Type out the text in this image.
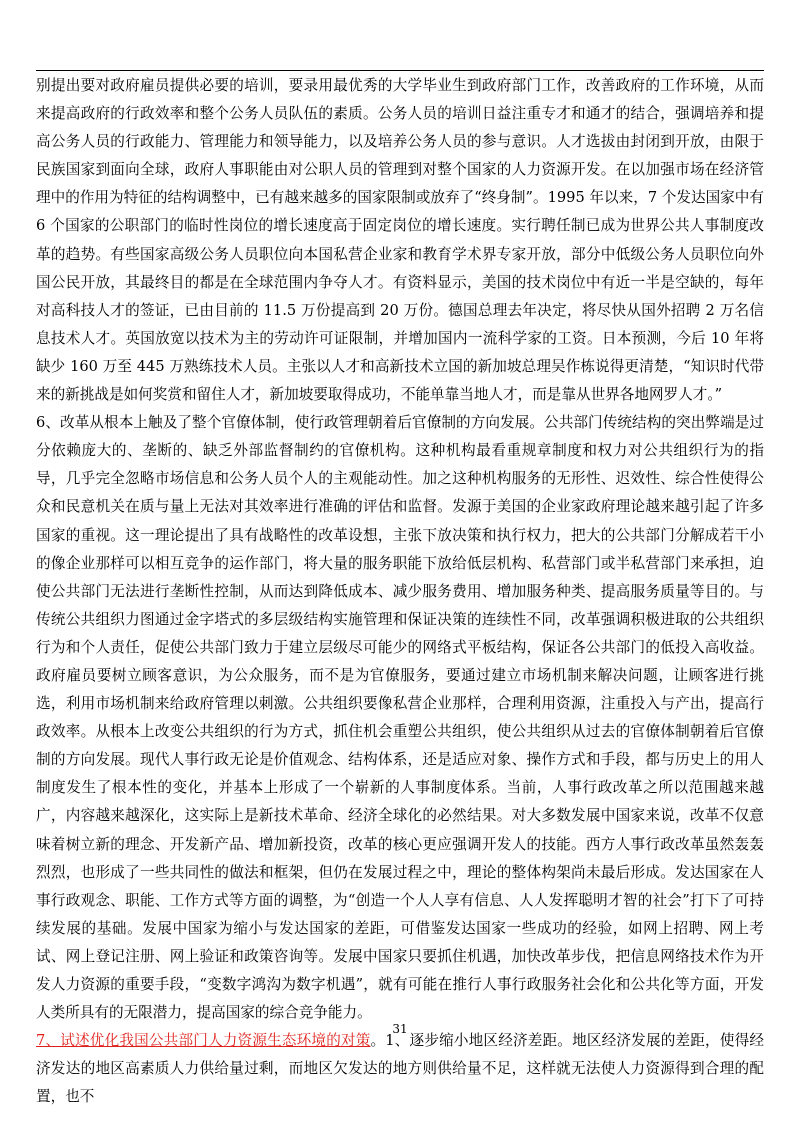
别提出要对政府雇员提供必要的培训，要录用最优秀的大学毕业生到政府部门工作，改善政府的工作环境，从而来提高政府的行政效率和整个公务人员队伍的素质。公务人员的培训日益注重专才和通才的结合，强调培养和提高公务人员的行政能力、管理能力和领导能力，以及培养公务人员的参与意识。人才选拔由封闭到开放，由限于民族国家到面向全球，政府人事职能由对公职人员的管理到对整个国家的人力资源开发。在以加强市场在经济管理中的作用为特征的结构调整中，已有越来越多的国家限制或放弃了“终身制”。1995 年以来，7 个发达国家中有 6 个国家的公职部门的临时性岗位的增长速度高于固定岗位的增长速度。实行聘任制已成为世界公共人事制度改革的趋势。有些国家高级公务人员职位向本国私营企业家和教育学术界专家开放，部分中低级公务人员职位向外国公民开放，其最终目的都是在全球范围内争夺人才。有资料显示，美国的技术岗位中有近一半是空缺的，每年对高科技人才的签证，已由目前的 11.5 万份提高到 20 万份。德国总理去年决定，将尽快从国外招聘 2 万名信息技术人才。英国放宽以技术为主的劳动许可证限制，并增加国内一流科学家的工资。日本预测，今后 10 年将缺少 160 万至 445 万熟练技术人员。主张以人才和高新技术立国的新加坡总理吴作栋说得更清楚，“知识时代带来的新挑战是如何奖赏和留住人才，新加坡要取得成功，不能单靠当地人才，而是靠从世界各地网罗人才。”

6、改革从根本上触及了整个官僚体制，使行政管理朝着后官僚制的方向发展。公共部门传统结构的突出弊端是过分依赖庞大的、垄断的、缺乏外部监督制约的官僚机构。这种机构最看重规章制度和权力对公共组织行为的指导，几乎完全忽略市场信息和公务人员个人的主观能动性。加之这种机构服务的无形性、迟效性、综合性使得公众和民意机关在质与量上无法对其效率进行准确的评估和监督。发源于美国的企业家政府理论越来越引起了许多国家的重视。这一理论提出了具有战略性的改革设想，主张下放决策和执行权力，把大的公共部门分解成若干小的像企业那样可以相互竞争的运作部门，将大量的服务职能下放给低层机构、私营部门或半私营部门来承担，迫使公共部门无法进行垄断性控制，从而达到降低成本、减少服务费用、增加服务种类、提高服务质量等目的。与传统公共组织力图通过金字塔式的多层级结构实施管理和保证决策的连续性不同，改革强调积极进取的公共组织行为和个人责任，促使公共部门致力于建立层级尽可能少的网络式平板结构，保证各公共部门的低投入高收益。政府雇员要树立顾客意识，为公众服务，而不是为官僚服务，要通过建立市场机制来解决问题，让顾客进行挑选，利用市场机制来给政府管理以刺激。公共组织要像私营企业那样，合理利用资源，注重投入与产出，提高行政效率。从根本上改变公共组织的行为方式，抓住机会重塑公共组织，使公共组织从过去的官僚体制朝着后官僚制的方向发展。现代人事行政无论是价值观念、结构体系，还是适应对象、操作方式和手段，都与历史上的用人制度发生了根本性的变化，并基本上形成了一个崭新的人事制度体系。当前，人事行政改革之所以范围越来越广，内容越来越深化，这实际上是新技术革命、经济全球化的必然结果。对大多数发展中国家来说，改革不仅意味着树立新的理念、开发新产品、增加新投资，改革的核心更应强调开发人的技能。西方人事行政改革虽然轰轰烈烈，也形成了一些共同性的做法和框架，但仍在发展过程之中，理论的整体构架尚未最后形成。发达国家在人事行政观念、职能、工作方式等方面的调整，为“创造一个人人享有信息、人人发挥聪明才智的社会”打下了可持续发展的基础。发展中国家为缩小与发达国家的差距，可借鉴发达国家一些成功的经验，如网上招聘、网上考试、网上登记注册、网上验证和政策咨询等。发展中国家只要抓住机遇，加快改革步伐，把信息网络技术作为开发人力资源的重要手段，“变数字鸿沟为数字机遇”，就有可能在推行人事行政服务社会化和公共化等方面，开发人类所具有的无限潜力，提高国家的综合竞争能力。

7、试述优化我国公共部门人力资源生态环境的对策。1、逐步缩小地区经济差距。地区经济发展的差距，使得经济发达的地区高素质人力供给量过剩，而地区欠发达的地方则供给量不足，这样就无法使人力资源得到合理的配置，也不

31
